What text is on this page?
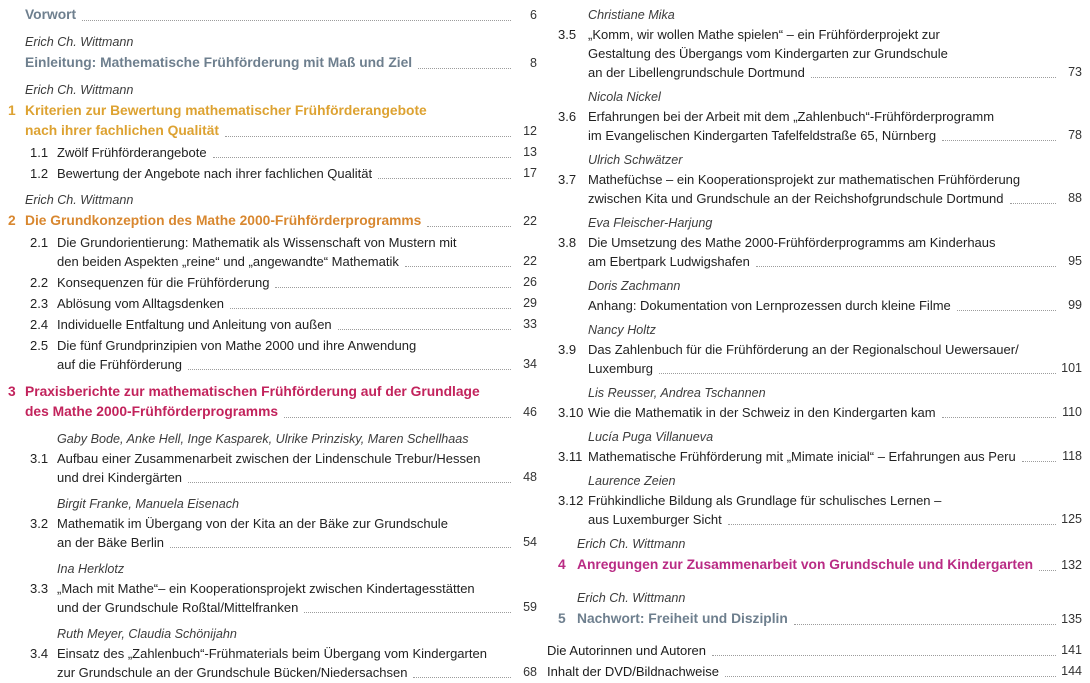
Vorwort	6
Erich Ch. Wittmann
Einleitung: Mathematische Frühförderung mit Maß und Ziel	8
Erich Ch. Wittmann
1 Kriterien zur Bewertung mathematischer Frühförderangebote
nach ihrer fachlichen Qualität	12
1.1 Zwölf Frühförderangebote	13
1.2 Bewertung der Angebote nach ihrer fachlichen Qualität	17
Erich Ch. Wittmann
2 Die Grundkonzeption des Mathe 2000-Frühförderprogramms	22
2.1 Die Grundorientierung: Mathematik als Wissenschaft von Mustern mit
den beiden Aspekten „reine“ und „angewandte“ Mathematik	22
2.2 Konsequenzen für die Frühförderung	26
2.3 Ablösung vom Alltagsdenken	29
2.4 Individuelle Entfaltung und Anleitung von außen	33
2.5 Die fünf Grundprinzipien von Mathe 2000 und ihre Anwendung
auf die Frühförderung	34
3 Praxisberichte zur mathematischen Frühförderung auf der Grundlage
des Mathe 2000-Frühförderprogramms	46
Gaby Bode, Anke Hell, Inge Kasparek, Ulrike Prinzisky, Maren Schellhaas
3.1 Aufbau einer Zusammenarbeit zwischen der Lindenschule Trebur/Hessen
und drei Kindergärten	48
Birgit Franke, Manuela Eisenach
3.2 Mathematik im Übergang von der Kita an der Bäke zur Grundschule
an der Bäke Berlin	54
Ina Herklotz
3.3 „Mach mit Mathe“– ein Kooperationsprojekt zwischen Kindertagesstätten
und der Grundschule Roßtal/Mittelfranken	59
Ruth Meyer, Claudia Schönijahn
3.4 Einsatz des „Zahlenbuch“-Frühmaterials beim Übergang vom Kindergarten
zur Grundschule an der Grundschule Bücken/Niedersachsen	68
Christiane Mika
3.5 „Komm, wir wollen Mathe spielen“ – ein Frühförderprojekt zur
Gestaltung des Übergangs vom Kindergarten zur Grundschule
an der Libellengrundschule Dortmund	73
Nicola Nickel
3.6 Erfahrungen bei der Arbeit mit dem „Zahlenbuch“-Frühförderprogramm
im Evangelischen Kindergarten Tafelfeldstraße 65, Nürnberg	78
Ulrich Schwätzer
3.7 Mathefüchse – ein Kooperationsprojekt zur mathematischen Frühförderung
zwischen Kita und Grundschule an der Reichshofgrundschule Dortmund	88
Eva Fleischer-Harjung
3.8 Die Umsetzung des Mathe 2000-Frühförderprogramms am Kinderhaus
am Ebertpark Ludwigshafen	95
Doris Zachmann
Anhang: Dokumentation von Lernprozessen durch kleine Filme	99
Nancy Holtz
3.9 Das Zahlenbuch für die Frühförderung an der Regionalschoul Uewersauer/
Luxemburg	101
Lis Reusser, Andrea Tschannen
3.10 Wie die Mathematik in der Schweiz in den Kindergarten kam	110
Lucía Puga Villanueva
3.11 Mathematische Frühförderung mit „Mimate inicial“ – Erfahrungen aus Peru	118
Laurence Zeien
3.12 Frühkindliche Bildung als Grundlage für schulisches Lernen –
aus Luxemburger Sicht	125
Erich Ch. Wittmann
4 Anregungen zur Zusammenarbeit von Grundschule und Kindergarten 132
Erich Ch. Wittmann
5 Nachwort: Freiheit und Disziplin	135
Die Autorinnen und Autoren	141
Inhalt der DVD/Bildnachweise	144
